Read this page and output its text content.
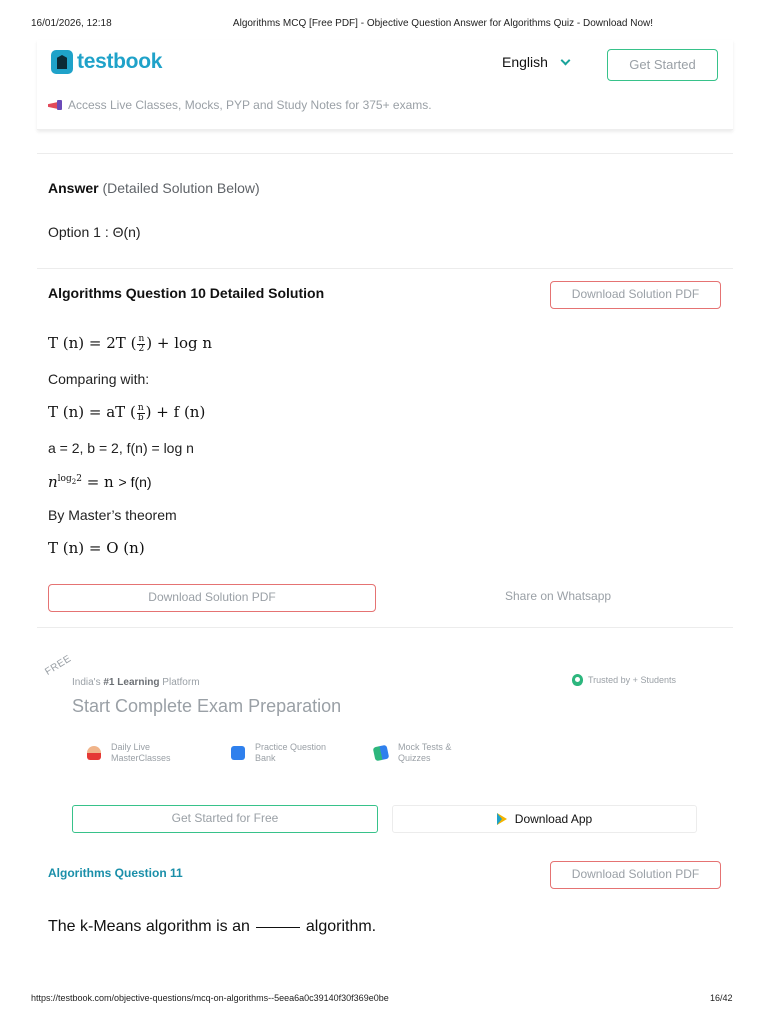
16/01/2026, 12:18	Algorithms MCQ [Free PDF] - Objective Question Answer for Algorithms Quiz - Download Now!
testbook	English	Get Started
Access Live Classes, Mocks, PYP and Study Notes for 375+ exams.
Answer (Detailed Solution Below)
Option 1 : Θ(n)
Algorithms Question 10 Detailed Solution	Download Solution PDF
T (n) = 2T ( $\frac{n}{2}$ ) + log n
Comparing with:
T (n) = aT ( $\frac{n}{b}$ ) + f (n)
a = 2, b = 2, f(n) = log n
$n^{log_22} = n > f(n)$
By Master’s theorem
T (n) = O (n)
Download Solution PDF	Share on Whatsapp
FREE
India's #1 Learning Platform	Trusted by + Students
Start Complete Exam Preparation
Daily Live
MasterClasses
Practice Question
Bank
Mock Tests &
Quizzes
Get Started for Free	Download App
Algorithms Question 11	Download Solution PDF
The k-Means algorithm is an	algorithm.
https://testbook.com/objective-questions/mcq-on-algorithms--5eea6a0c39140f30f369e0be	16/42
